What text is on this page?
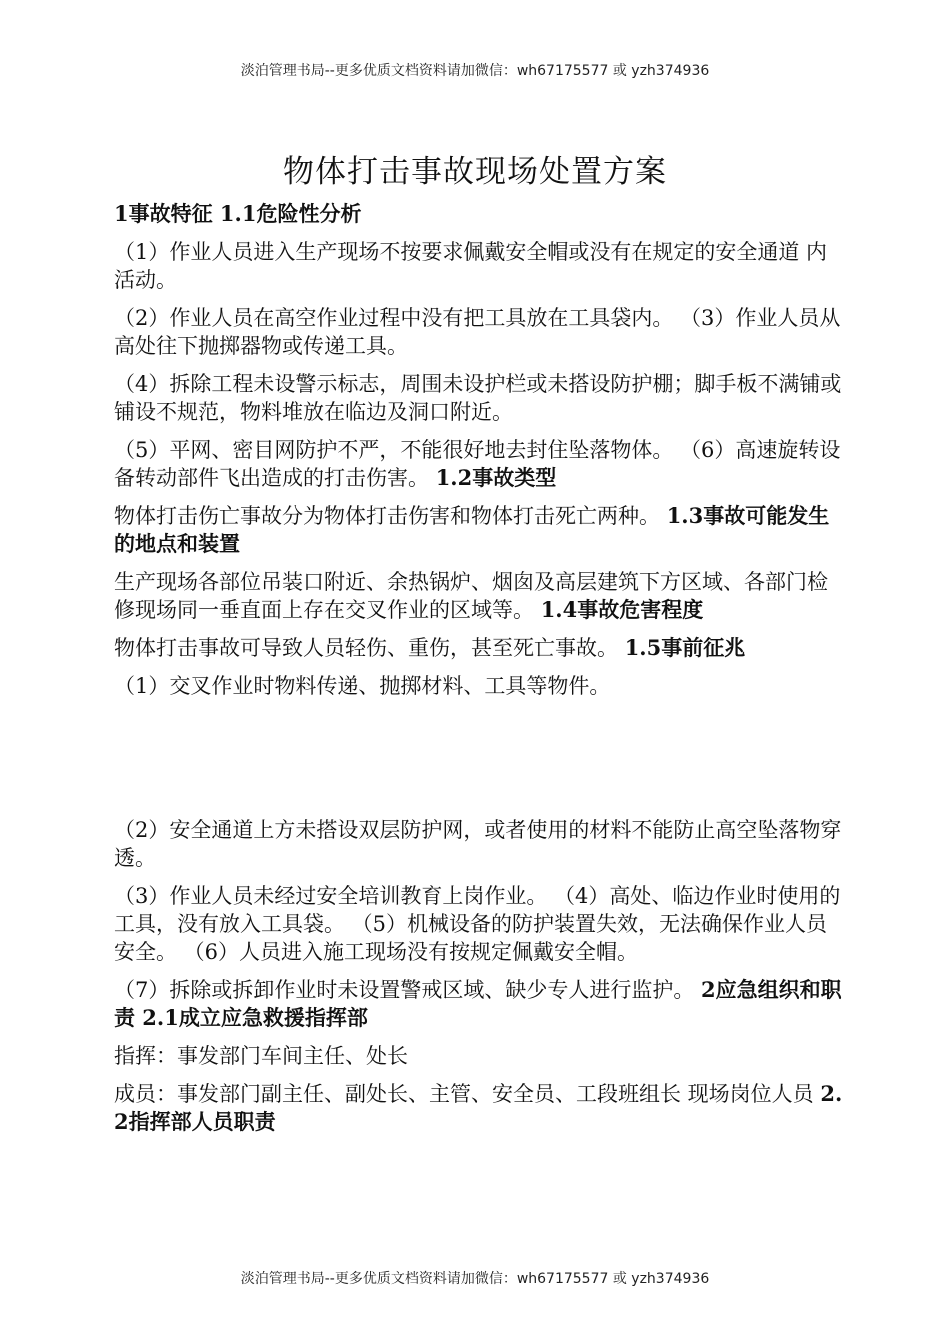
淡泊管理书局--更多优质文档资料请加微信：wh67175577 或 yzh374936
物体打击事故现场处置方案

1事故特征 1.1危险性分析

（1）作业人员进入生产现场不按要求佩戴安全帽或没有在规定的安全通道 内活动。

（2）作业人员在高空作业过程中没有把工具放在工具袋内。 （3）作业人员从高处往下抛掷器物或传递工具。

（4）拆除工程未设警示标志，周围未设护栏或未搭设防护棚；脚手板不满铺或铺设不规范，物料堆放在临边及洞口附近。

（5）平网、密目网防护不严，不能很好地去封住坠落物体。 （6）高速旋转设备转动部件飞出造成的打击伤害。 1.2事故类型

物体打击伤亡事故分为物体打击伤害和物体打击死亡两种。 1.3事故可能发生的地点和装置

生产现场各部位吊装口附近、余热锅炉、烟囱及高层建筑下方区域、各部门检修现场同一垂直面上存在交叉作业的区域等。 1.4事故危害程度

物体打击事故可导致人员轻伤、重伤，甚至死亡事故。 1.5事前征兆

（1）交叉作业时物料传递、抛掷材料、工具等物件。

（2）安全通道上方未搭设双层防护网，或者使用的材料不能防止高空坠落物穿透。

（3）作业人员未经过安全培训教育上岗作业。 （4）高处、临边作业时使用的工具，没有放入工具袋。 （5）机械设备的防护装置失效，无法确保作业人员安全。 （6）人员进入施工现场没有按规定佩戴安全帽。

（7）拆除或拆卸作业时未设置警戒区域、缺少专人进行监护。 2应急组织和职责 2.1成立应急救援指挥部

指挥：事发部门车间主任、处长

成员：事发部门副主任、副处长、主管、安全员、工段班组长 现场岗位人员 2.2指挥部人员职责

淡泊管理书局--更多优质文档资料请加微信：wh67175577 或 yzh374936
